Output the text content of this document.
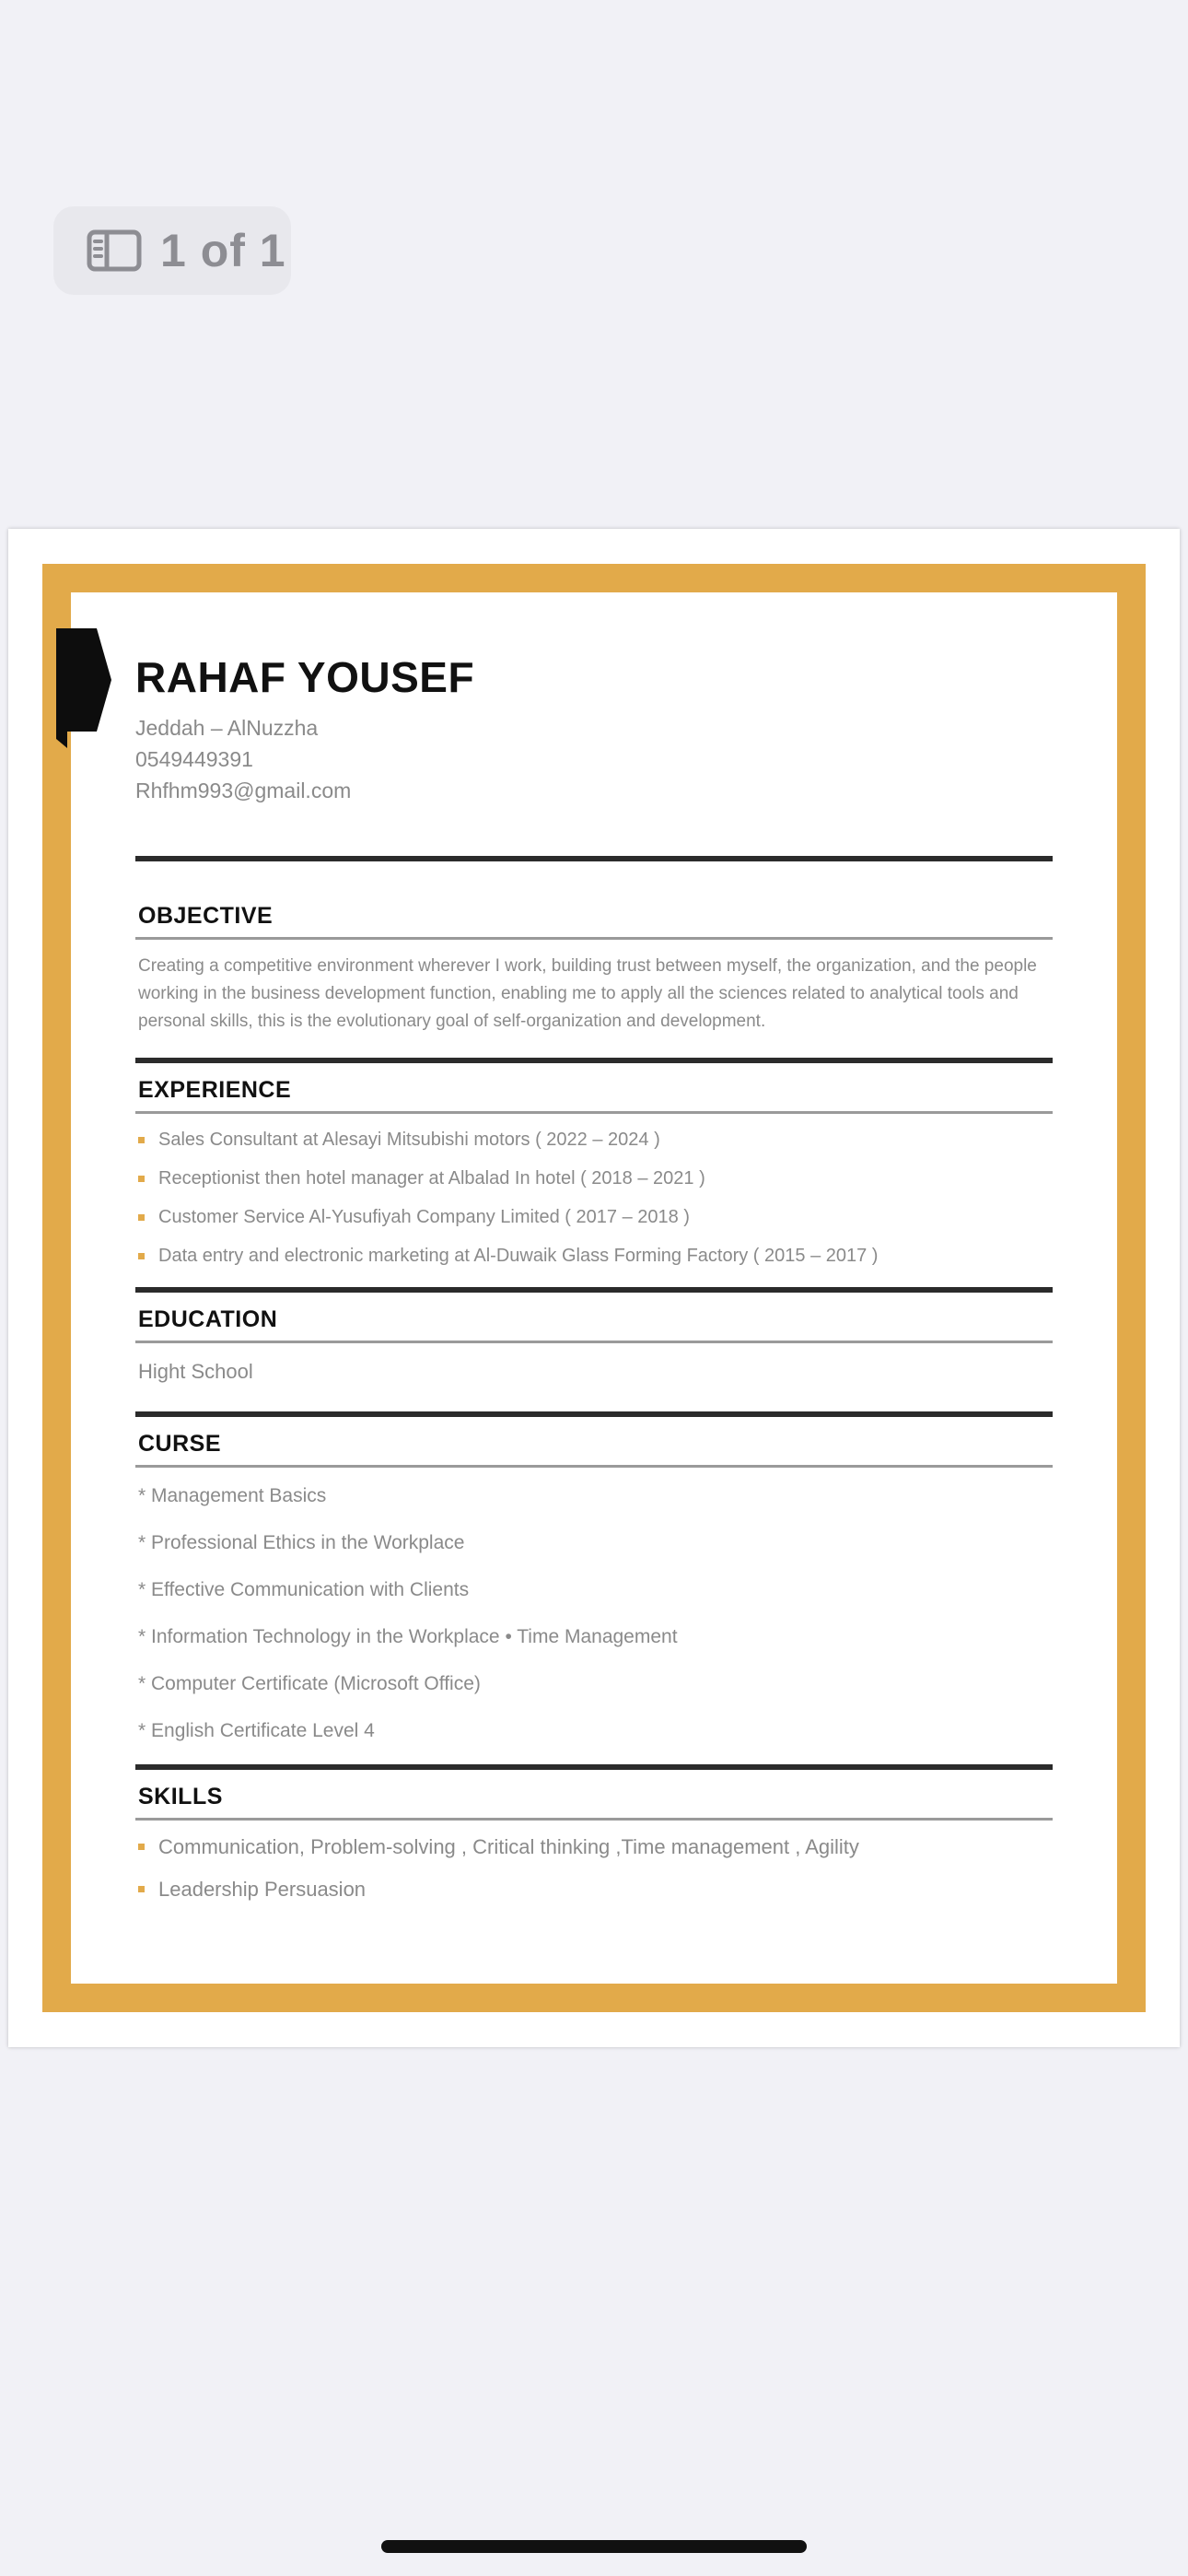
1 of 1
RAHAF YOUSEF
Jeddah – AlNuzzha
0549449391
Rhfhm993@gmail.com
OBJECTIVE
Creating a competitive environment wherever I work, building trust between myself, the organization, and the people working in the business development function, enabling me to apply all the sciences related to analytical tools and personal skills, this is the evolutionary goal of self-organization and development.
EXPERIENCE
Sales Consultant at Alesayi Mitsubishi motors ( 2022 – 2024 )
Receptionist then hotel manager at Albalad In hotel ( 2018 – 2021 )
Customer Service Al-Yusufiyah Company Limited ( 2017 – 2018 )
Data entry and electronic marketing at Al-Duwaik Glass Forming Factory ( 2015 – 2017 )
EDUCATION
Hight School
CURSE
* Management Basics
* Professional Ethics in the Workplace
* Effective Communication with Clients
* Information Technology in the Workplace • Time Management
* Computer Certificate (Microsoft Office)
* English Certificate Level 4
SKILLS
Communication, Problem-solving , Critical thinking ,Time management , Agility
Leadership Persuasion
